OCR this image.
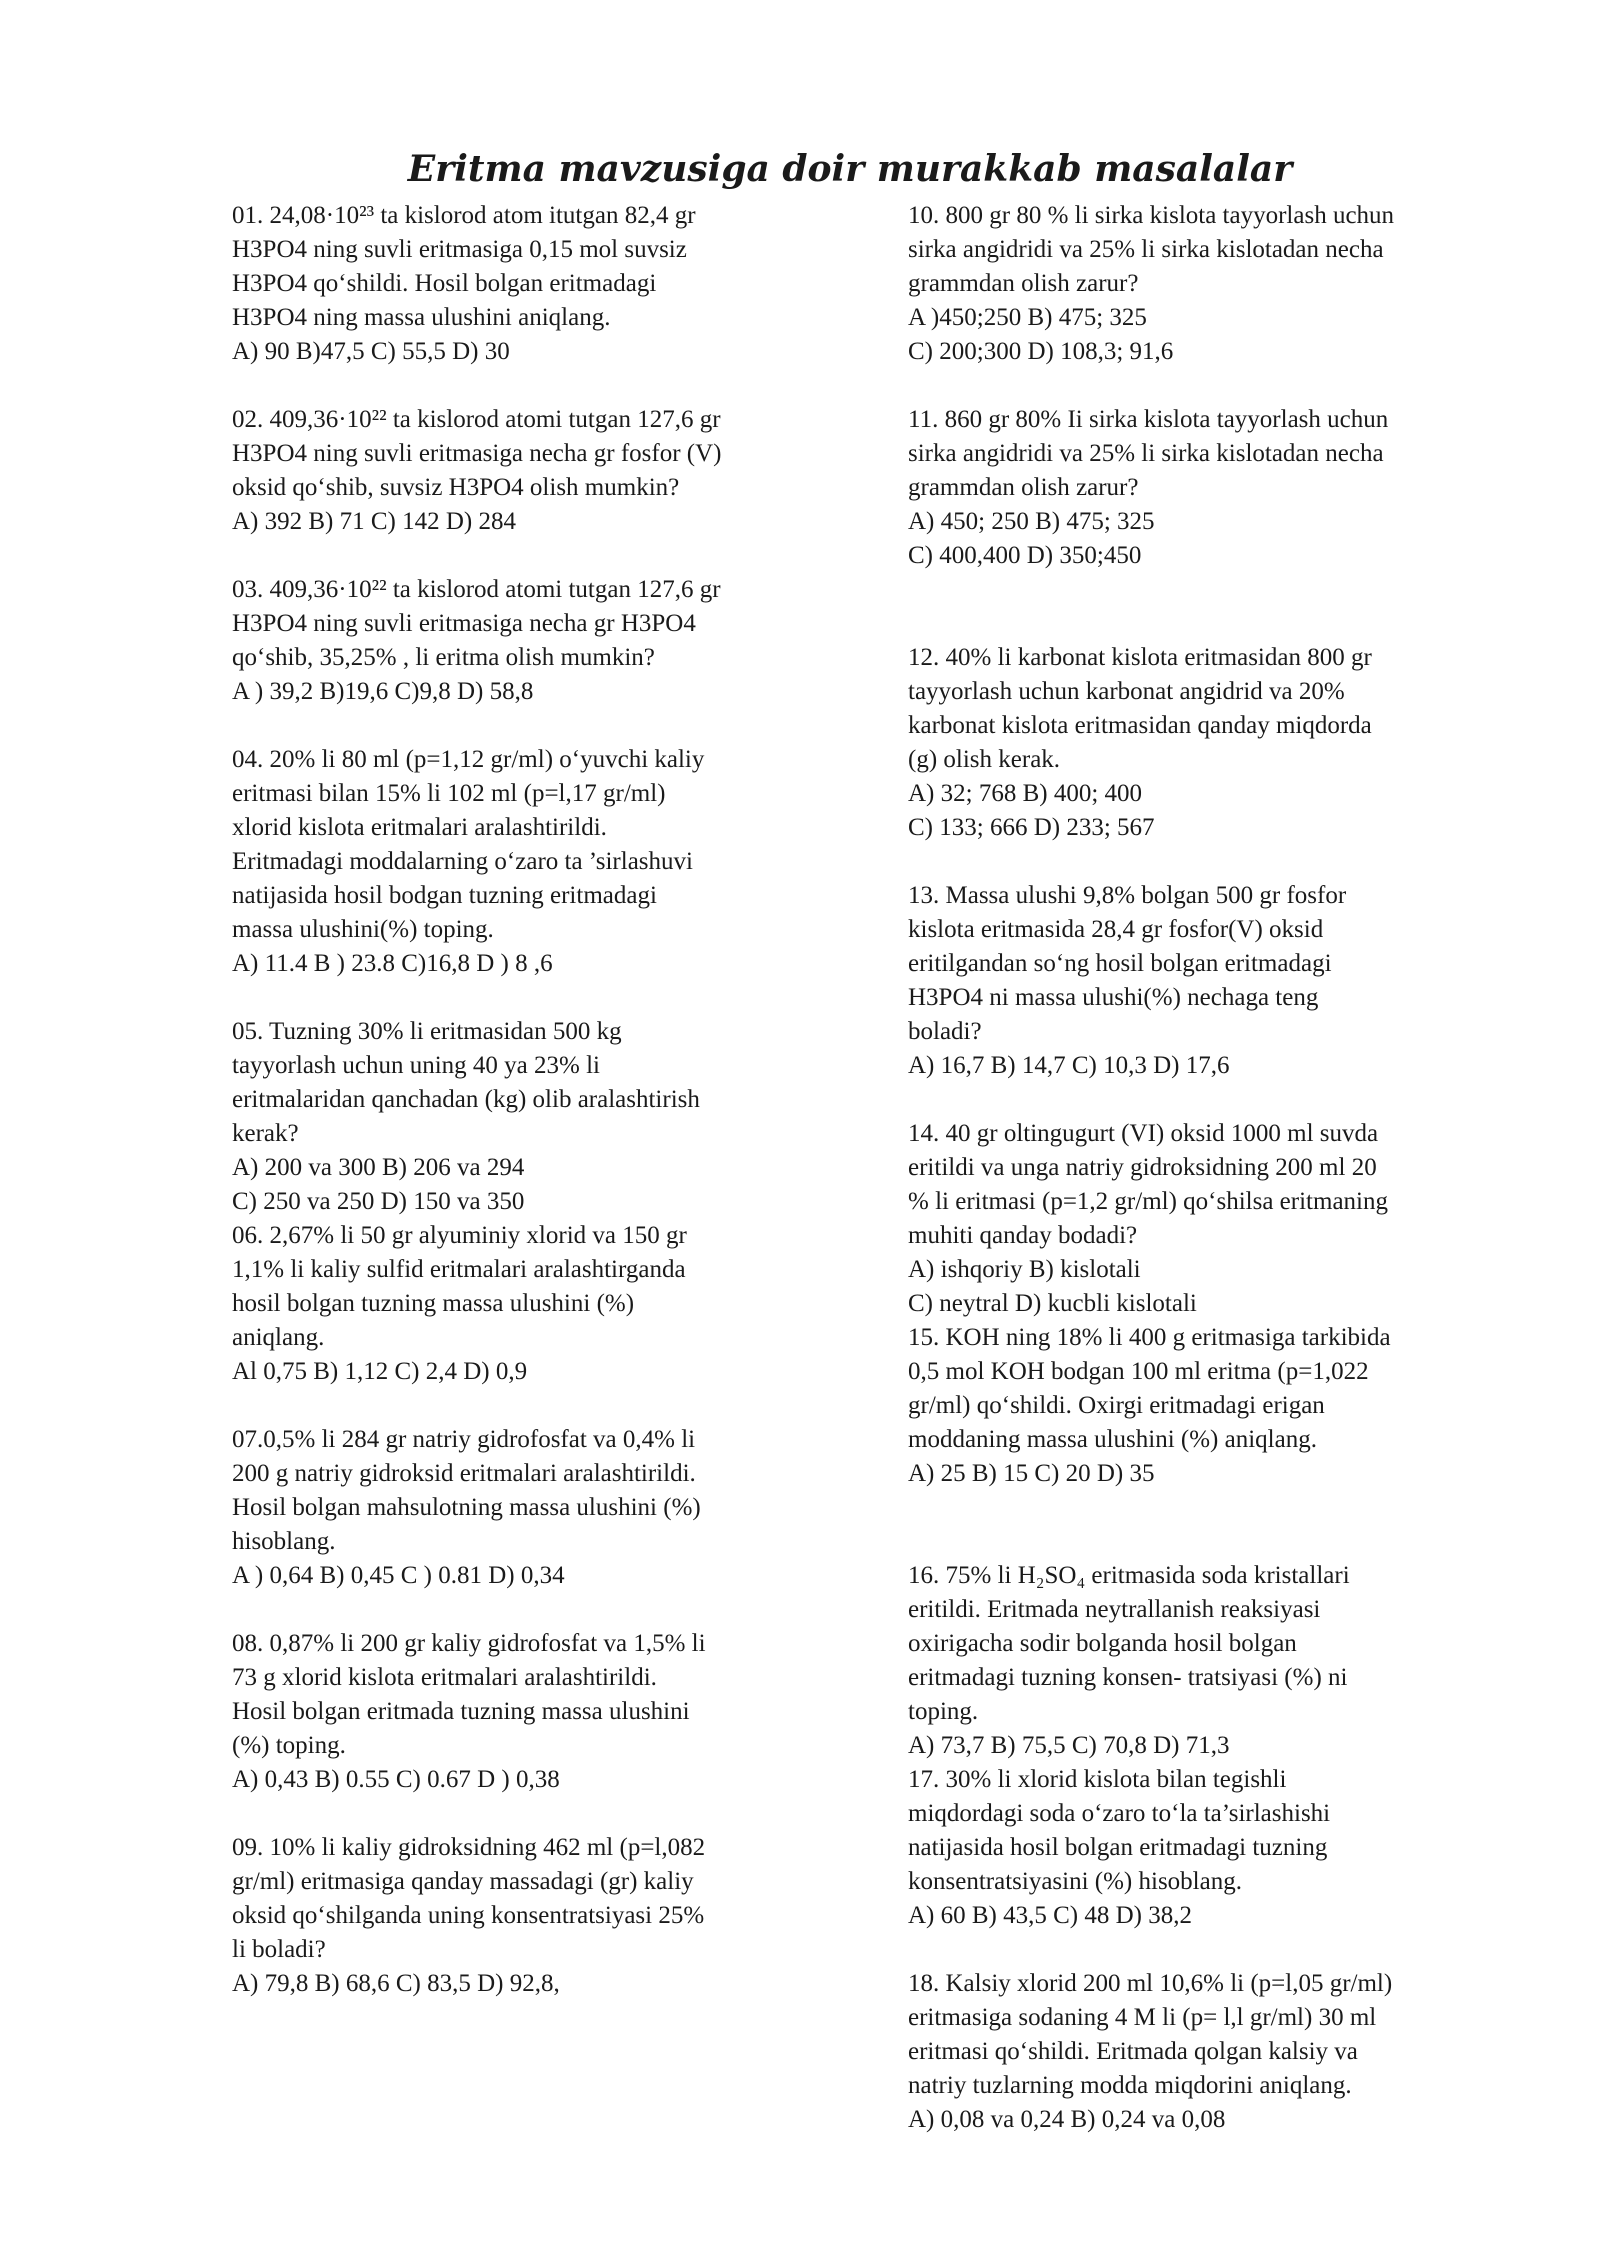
Eritma mavzusiga doir murakkab masalalar
01. 24,08·10²³ ta kislorod atom itutgan 82,4 gr
H3PO4 ning suvli eritmasiga 0,15 mol suvsiz
H3PO4 qo‘shildi. Hosil bolgan eritmadagi
H3PO4 ning massa ulushini aniqlang.
A) 90 B)47,5 C) 55,5 D) 30
02. 409,36·10²² ta kislorod atomi tutgan 127,6 gr
H3PO4 ning suvli eritmasiga necha gr fosfor (V)
oksid qo‘shib, suvsiz H3PO4 olish mumkin?
A) 392 B) 71 C) 142 D) 284
03. 409,36·10²² ta kislorod atomi tutgan 127,6 gr
H3PO4 ning suvli eritmasiga necha gr H3PO4
qo‘shib, 35,25% , li eritma olish mumkin?
A ) 39,2 B)19,6 C)9,8 D) 58,8
04. 20% li 80 ml (p=1,12 gr/ml) o‘yuvchi kaliy
eritmasi bilan 15% li 102 ml (p=l,17 gr/ml)
xlorid kislota eritmalari aralashtirildi.
Eritmadagi moddalarning o‘zaro ta ’sirlashuvi
natijasida hosil bodgan tuzning eritmadagi
massa ulushini(%) toping.
A) 11.4 B ) 23.8 C)16,8 D ) 8 ,6
05. Tuzning 30% li eritmasidan 500 kg
tayyorlash uchun uning 40 ya 23% li
eritmalaridan qanchadan (kg) olib aralashtirish
kerak?
A) 200 va 300 B) 206 va 294
C) 250 va 250 D) 150 va 350
06. 2,67% li 50 gr alyuminiy xlorid va 150 gr
1,1% li kaliy sulfid eritmalari aralashtirganda
hosil bolgan tuzning massa ulushini (%)
aniqlang.
Al 0,75 B) 1,12 C) 2,4 D) 0,9
07.0,5% li 284 gr natriy gidrofosfat va 0,4% li
200 g natriy gidroksid eritmalari aralashtirildi.
Hosil bolgan mahsulotning massa ulushini (%)
hisoblang.
A ) 0,64 B) 0,45 C ) 0.81 D) 0,34
08. 0,87% li 200 gr kaliy gidrofosfat va 1,5% li
73 g xlorid kislota eritmalari aralashtirildi.
Hosil bolgan eritmada tuzning massa ulushini
(%) toping.
A) 0,43 B) 0.55 C) 0.67 D ) 0,38
09. 10% li kaliy gidroksidning 462 ml (p=l,082
gr/ml) eritmasiga qanday massadagi (gr) kaliy
oksid qo‘shilganda uning konsentratsiyasi 25%
li boladi?
A) 79,8 B) 68,6 C) 83,5 D) 92,8,
10. 800 gr 80 % li sirka kislota tayyorlash uchun
sirka angidridi va 25% li sirka kislotadan necha
grammdan olish zarur?
A )450;250 B) 475; 325
C) 200;300 D) 108,3; 91,6
11. 860 gr 80% Ii sirka kislota tayyorlash uchun
sirka angidridi va 25% li sirka kislotadan necha
grammdan olish zarur?
A) 450; 250 B) 475; 325
C) 400,400 D) 350;450
12. 40% li karbonat kislota eritmasidan 800 gr
tayyorlash uchun karbonat angidrid va 20%
karbonat kislota eritmasidan qanday miqdorda
(g) olish kerak.
A) 32; 768 B) 400; 400
C) 133; 666 D) 233; 567
13. Massa ulushi 9,8% bolgan 500 gr fosfor
kislota eritmasida 28,4 gr fosfor(V) oksid
eritilgandan so‘ng hosil bolgan eritmadagi
H3PO4 ni massa ulushi(%) nechaga teng
boladi?
A) 16,7 B) 14,7 C) 10,3 D) 17,6
14. 40 gr oltingugurt (VI) oksid 1000 ml suvda
eritildi va unga natriy gidroksidning 200 ml 20
% li eritmasi (p=1,2 gr/ml) qo‘shilsa eritmaning
muhiti qanday bodadi?
A) ishqoriy B) kislotali
C) neytral D) kucbli kislotali
15. KOH ning 18% li 400 g eritmasiga tarkibida
0,5 mol KOH bodgan 100 ml eritma (p=1,022
gr/ml) qo‘shildi. Oxirgi eritmadagi erigan
moddaning massa ulushini (%) aniqlang.
A) 25 B) 15 C) 20 D) 35
16. 75% li H₂SO₄ eritmasida soda kristallari
eritildi. Eritmada neytrallanish reaksiyasi
oxirigacha sodir bolganda hosil bolgan
eritmadagi tuzning konsen- tratsiyasi (%) ni
toping.
A) 73,7 B) 75,5 C) 70,8 D) 71,3
17. 30% li xlorid kislota bilan tegishli
miqdordagi soda o‘zaro to‘la ta’sirlashishi
natijasida hosil bolgan eritmadagi tuzning
konsentratsiyasini (%) hisoblang.
A) 60 B) 43,5 C) 48 D) 38,2
18. Kalsiy xlorid 200 ml 10,6% li (p=l,05 gr/ml)
eritmasiga sodaning 4 M li (p= l,l gr/ml) 30 ml
eritmasi qo‘shildi. Eritmada qolgan kalsiy va
natriy tuzlarning modda miqdorini aniqlang.
A) 0,08 va 0,24 B) 0,24 va 0,08
